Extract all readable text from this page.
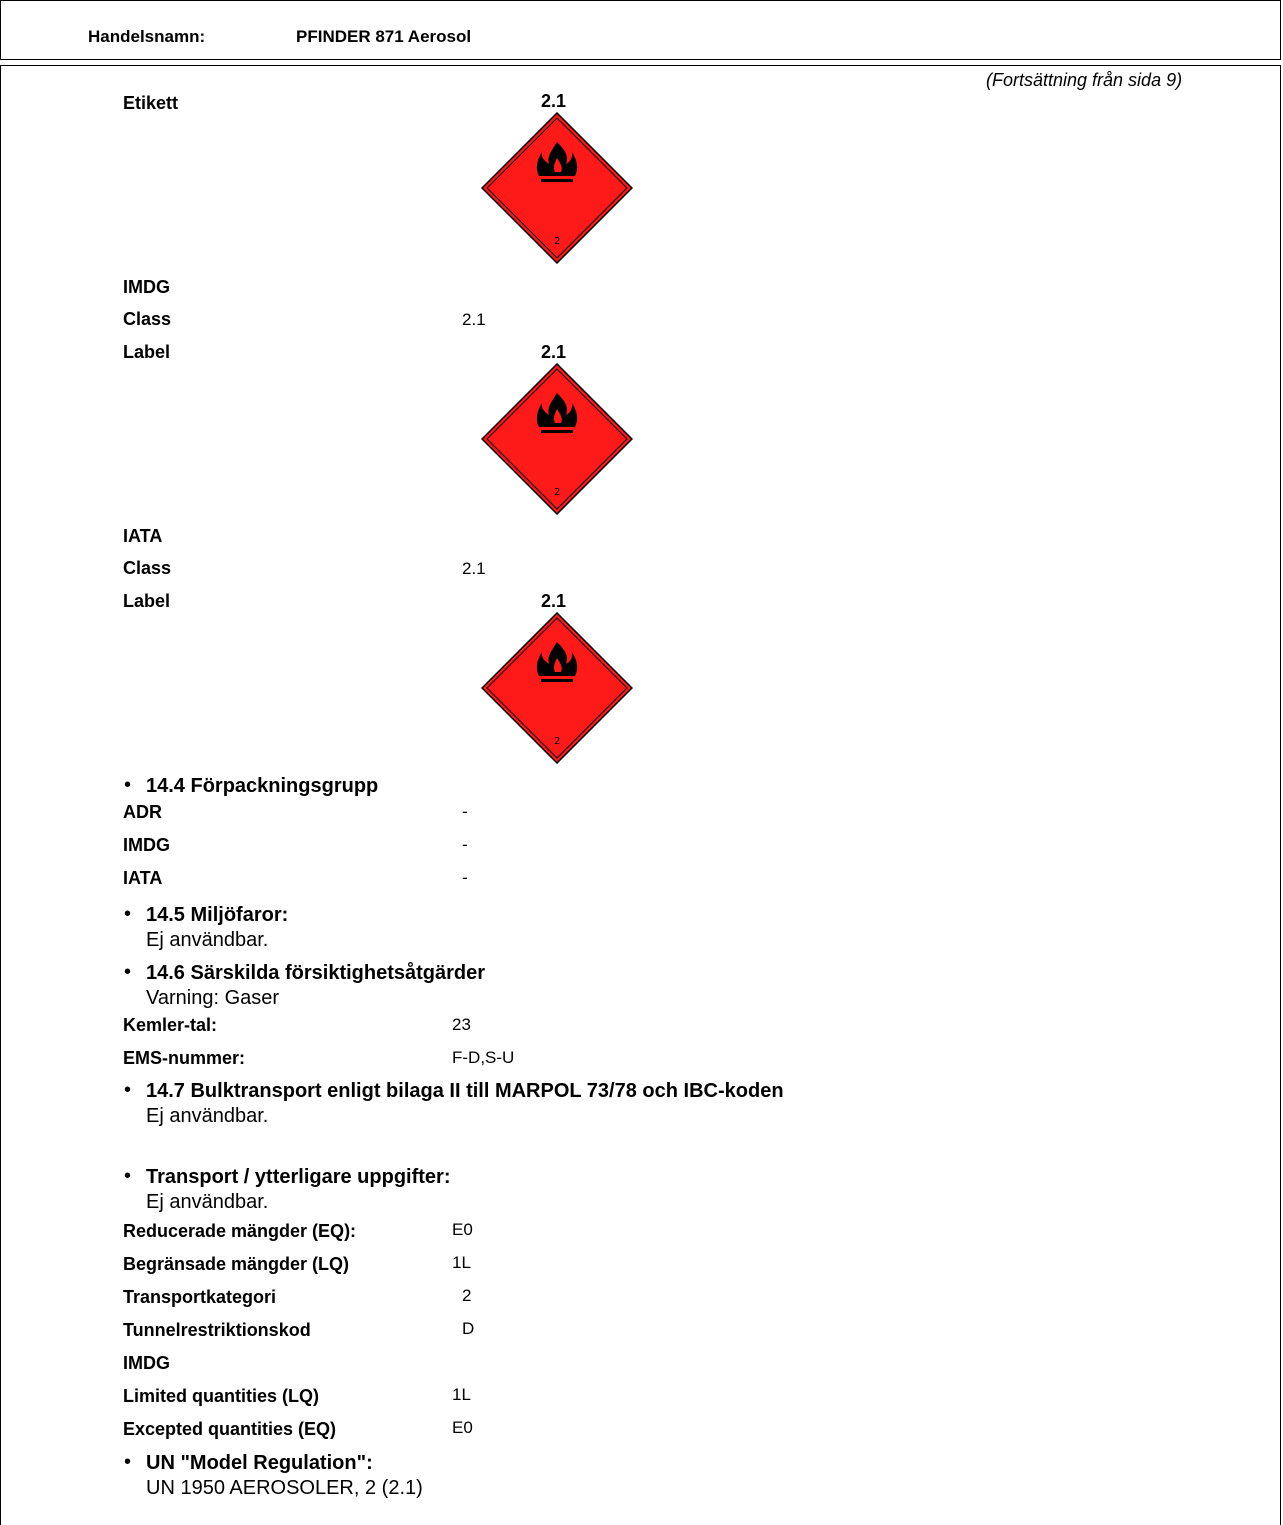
Handelsnamn:	PFINDER 871 Aerosol
(Fortsättning från sida 9)
Etikett	2.1
2
IMDG
Class	2.1
Label	2.1
2
IATA
Class	2.1
Label	2.1
2
• 14.4 Förpackningsgrupp
ADR	-
IMDG	-
IATA	-
• 14.5 Miljöfaror:
Ej användbar.
• 14.6 Särskilda försiktighetsåtgärder
Varning: Gaser
Kemler-tal:	23
EMS-nummer:	F-D,S-U
• 14.7 Bulktransport enligt bilaga II till MARPOL 73/78 och IBC-koden
Ej användbar.
• Transport / ytterligare uppgifter:
Ej användbar.
Reducerade mängder (EQ):	E0
Begränsade mängder (LQ)	1L
Transportkategori	2
Tunnelrestriktionskod	D
IMDG
Limited quantities (LQ)	1L
Excepted quantities (EQ)	E0
• UN "Model Regulation":
UN 1950 AEROSOLER, 2 (2.1)
